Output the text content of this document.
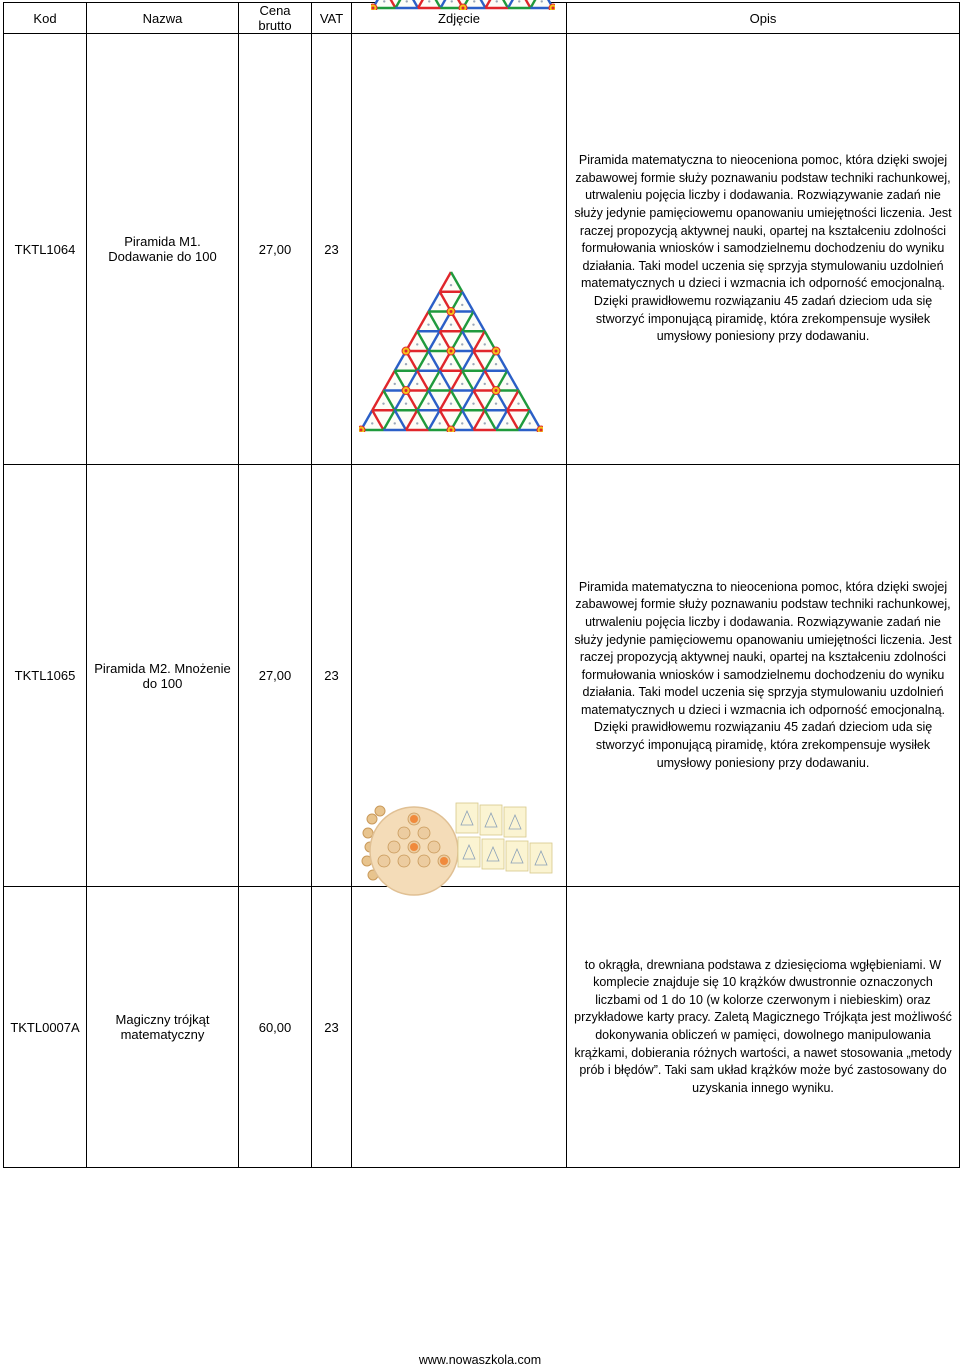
Kod	Nazwa	Cena brutto	VAT	Zdjęcie	Opis
TKTL1064	Piramida M1. Dodawanie do 100	27,00	23		Piramida matematyczna to nieoceniona pomoc, która dzięki swojej zabawowej formie służy poznawaniu podstaw techniki rachunkowej, utrwaleniu pojęcia liczby i dodawania. Rozwiązywanie zadań nie służy jedynie pamięciowemu opanowaniu umiejętności liczenia. Jest raczej propozycją aktywnej nauki, opartej na kształceniu zdolności formułowania wniosków i samodzielnemu dochodzeniu do wyniku działania. Taki model uczenia się sprzyja stymulowaniu uzdolnień matematycznych u dzieci i wzmacnia ich odporność emocjonalną. Dzięki prawidłowemu rozwiązaniu 45 zadań dzieciom uda się stworzyć imponującą piramidę, która zrekompensuje wysiłek umysłowy poniesiony przy dodawaniu.
TKTL1065	Piramida M2. Mnożenie do 100	27,00	23		Piramida matematyczna to nieoceniona pomoc, która dzięki swojej zabawowej formie służy poznawaniu podstaw techniki rachunkowej, utrwaleniu pojęcia liczby i dodawania. Rozwiązywanie zadań nie służy jedynie pamięciowemu opanowaniu umiejętności liczenia. Jest raczej propozycją aktywnej nauki, opartej na kształceniu zdolności formułowania wniosków i samodzielnemu dochodzeniu do wyniku działania. Taki model uczenia się sprzyja stymulowaniu uzdolnień matematycznych u dzieci i wzmacnia ich odporność emocjonalną. Dzięki prawidłowemu rozwiązaniu 45 zadań dzieciom uda się stworzyć imponującą piramidę, która zrekompensuje wysiłek umysłowy poniesiony przy dodawaniu.
TKTL0007A	Magiczny trójkąt matematyczny	60,00	23		to okrągła, drewniana podstawa z dziesięcioma wgłębieniami. W komplecie znajduje się 10 krążków dwustronnie oznaczonych liczbami od 1 do 10 (w kolorze czerwonym i niebieskim) oraz przykładowe karty pracy. Zaletą Magicznego Trójkąta jest możliwość dokonywania obliczeń w pamięci, dowolnego manipulowania krążkami, dobierania różnych wartości, a nawet stosowania „metody prób i błędów”. Taki sam układ krążków może być zastosowany do uzyskania innego wyniku.
www.nowaszkola.com
